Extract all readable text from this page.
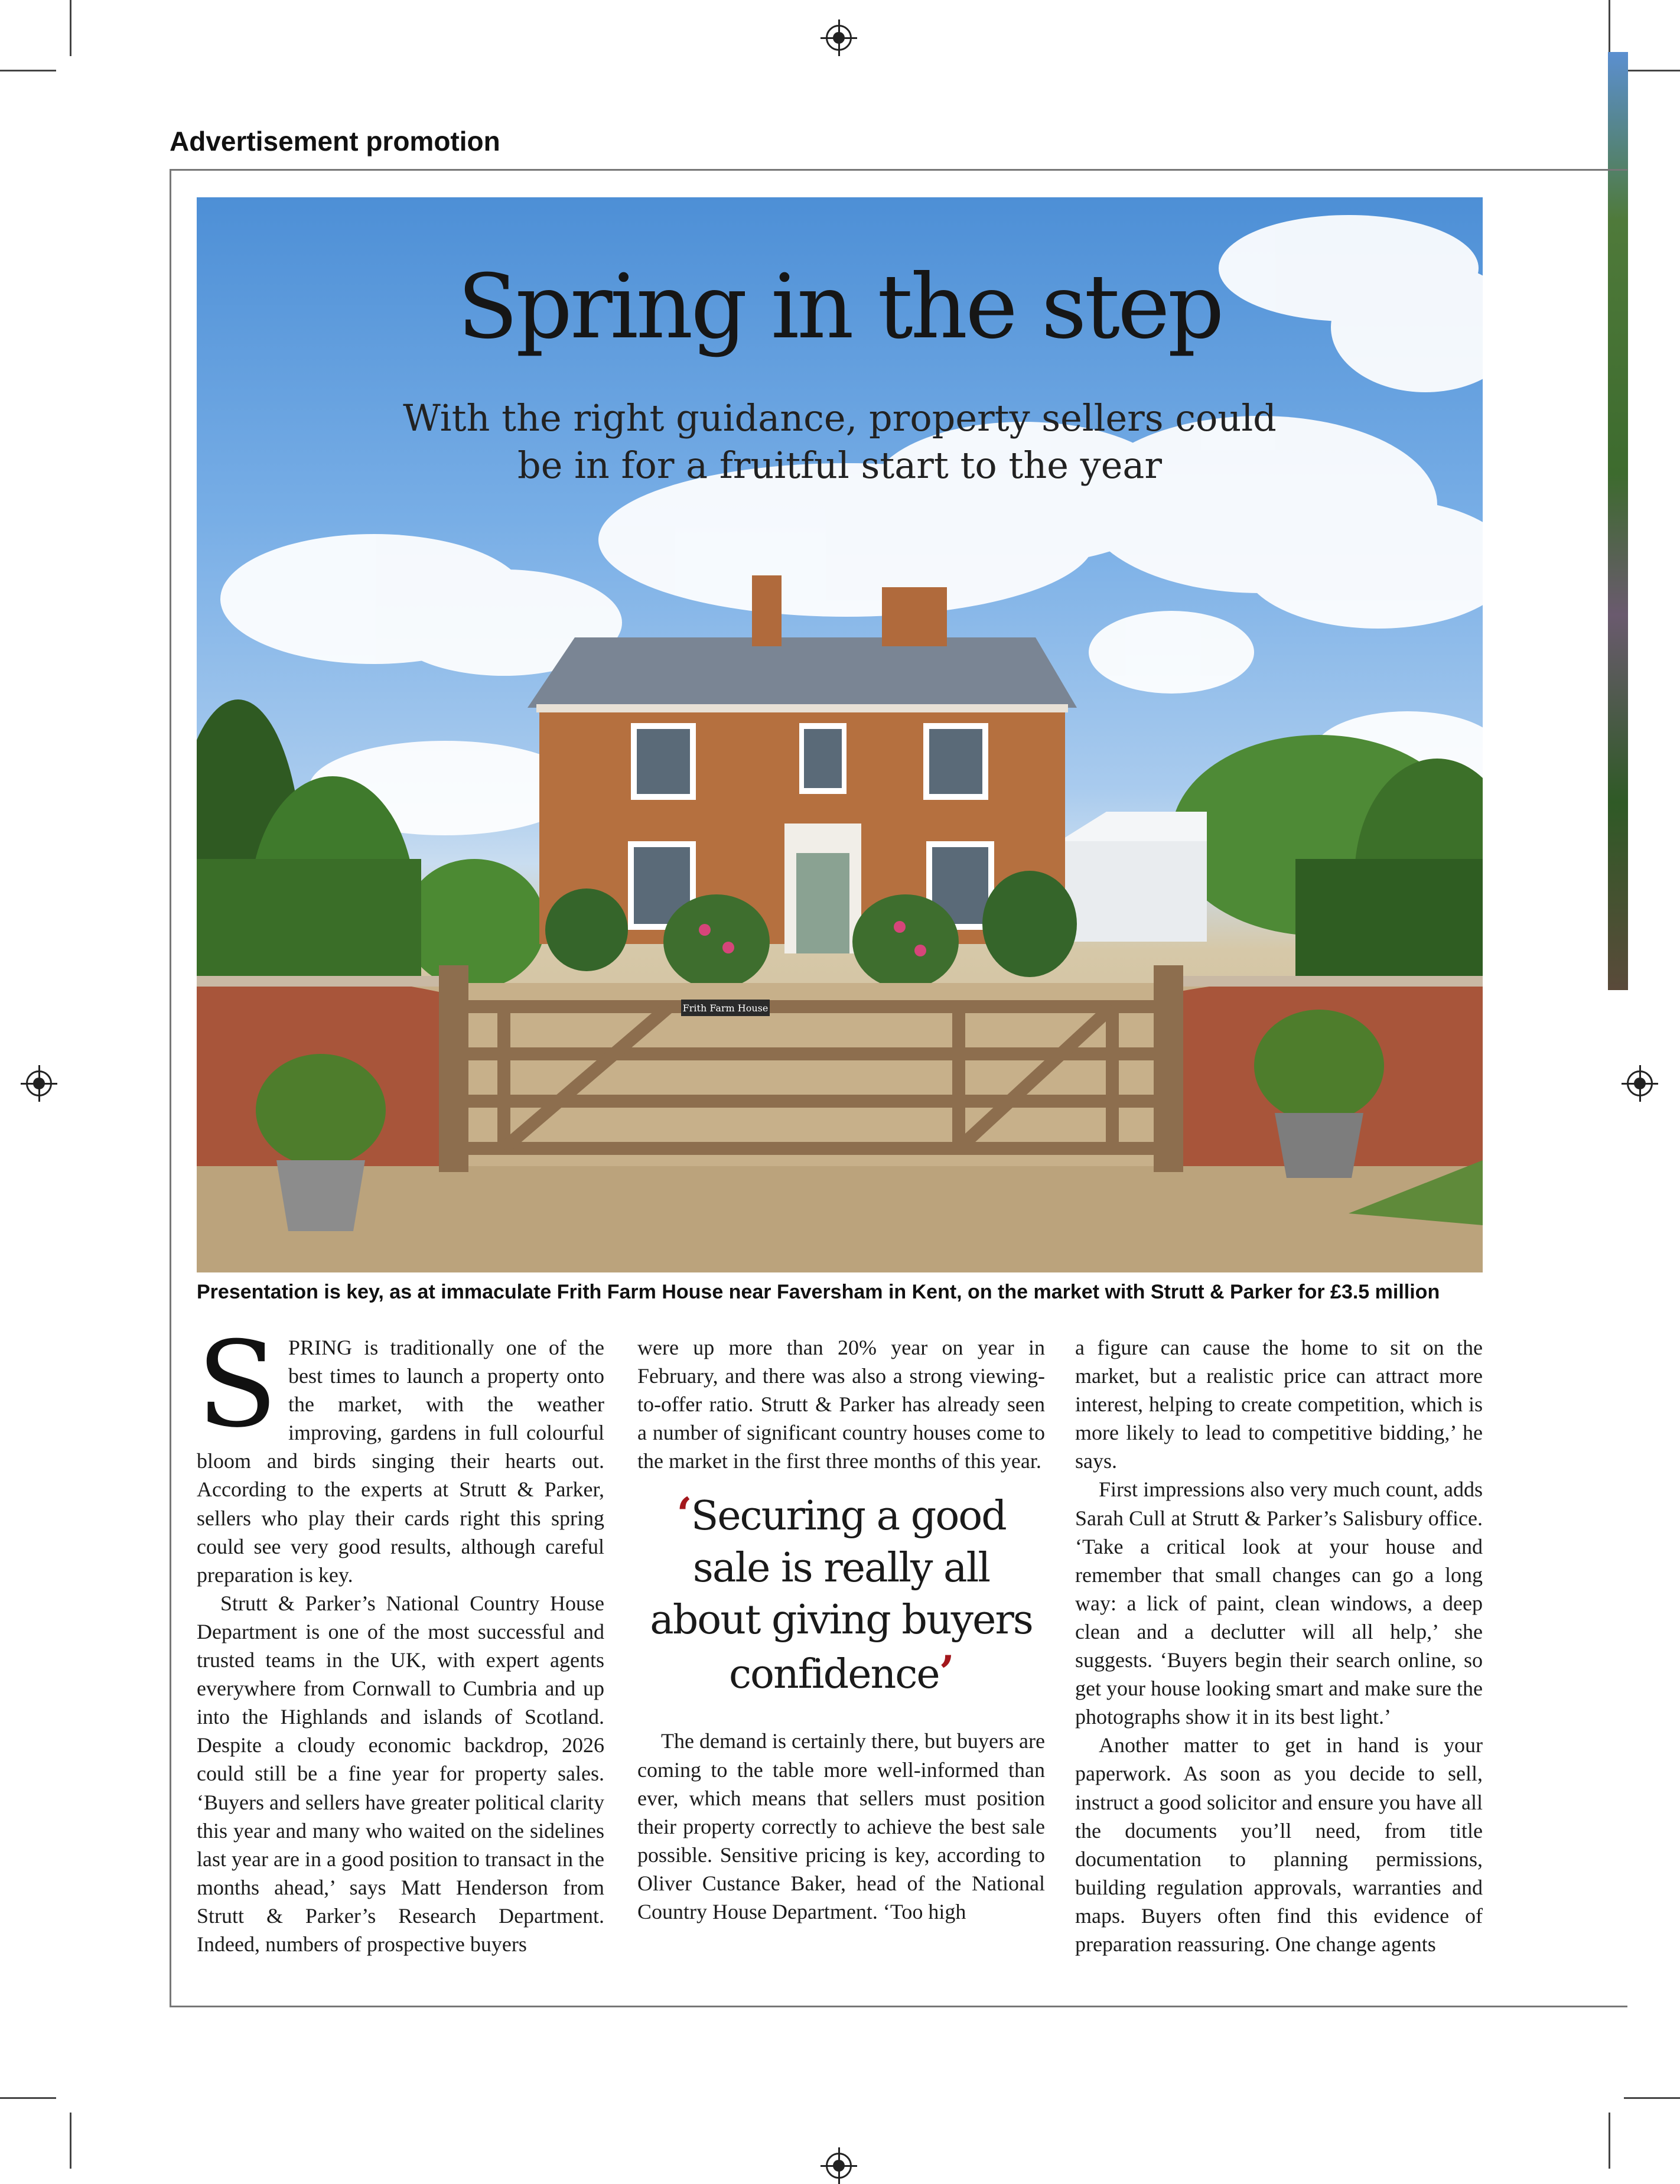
Advertisement promotion
Frith Farm House
Spring in the step
With the right guidance, property sellers could
be in for a fruitful start to the year
Presentation is key, as at immaculate Frith Farm House near Faversham in Kent, on the market with Strutt & Parker for £3.5 million

SPRING is traditionally one of the best times to launch a property onto the market, with the weather improving, gardens in full colourful bloom and birds singing their hearts out. According to the experts at Strutt & Parker, sellers who play their cards right this spring could see very good results, although careful preparation is key.

Strutt & Parker’s National Country House Department is one of the most successful and trusted teams in the UK, with expert agents everywhere from Cornwall to Cumbria and up into the Highlands and islands of Scotland. Despite a cloudy economic backdrop, 2026 could still be a fine year for property sales. ‘Buyers and sellers have greater political clarity this year and many who waited on the sidelines last year are in a good position to transact in the months ahead,’ says Matt Henderson from Strutt & Parker’s Research Department. Indeed, numbers of prospective buyers

were up more than 20% year on year in February, and there was also a strong viewing-to-offer ratio. Strutt & Parker has already seen a number of significant country houses come to the market in the first three months of this year.

‘Securing a good sale is really all about giving buyers confidence’

The demand is certainly there, but buyers are coming to the table more well-informed than ever, which means that sellers must position their property correctly to achieve the best sale possible. Sensitive pricing is key, according to Oliver Custance Baker, head of the National Country House Department. ‘Too high

a figure can cause the home to sit on the market, but a realistic price can attract more interest, helping to create competition, which is more likely to lead to competitive bidding,’ he says.

First impressions also very much count, adds Sarah Cull at Strutt & Parker’s Salisbury office. ‘Take a critical look at your house and remember that small changes can go a long way: a lick of paint, clean windows, a deep clean and a declutter will all help,’ she suggests. ‘Buyers begin their search online, so get your house looking smart and make sure the photographs show it in its best light.’

Another matter to get in hand is your paperwork. As soon as you decide to sell, instruct a good solicitor and ensure you have all the documents you’ll need, from title documentation to planning permissions, building regulation approvals, warranties and maps. Buyers often find this evidence of preparation reassuring. One change agents
